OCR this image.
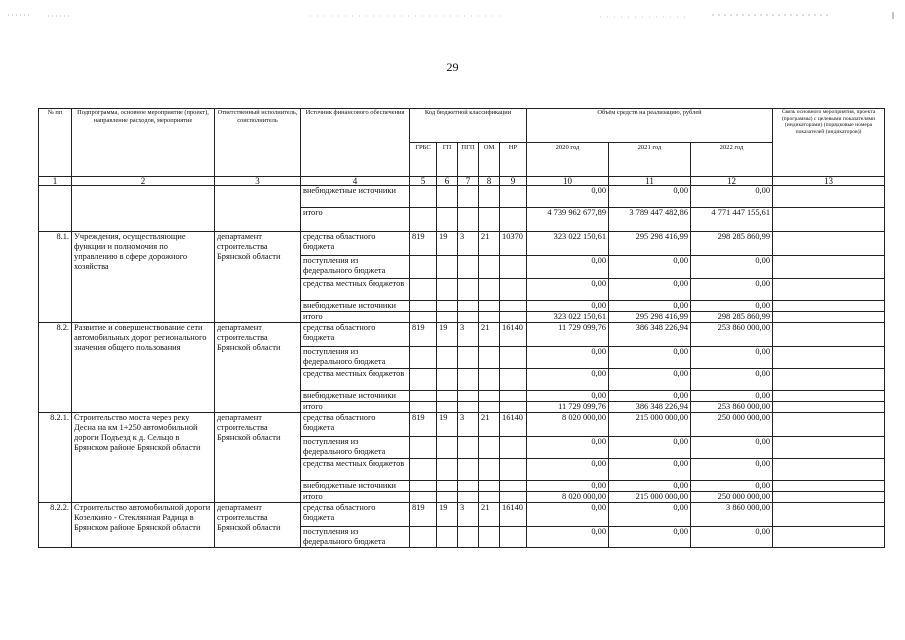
29
№ пп	Подпрограмма, основное мероприятие (проект), направление расходов, мероприятие	Ответственный исполнитель, соисполнитель	Источник финансового обеспечения	Код бюджетной классификации					Объём средств на реализацию, рублей			Связь основного мероприятия, проекта (программы) с целевыми показателями (индикаторами) (порядковые номера показателей (индикаторов))
				ГРБС	ГП	ПГП	ОМ	НР	2020 год	2021 год	2022 год	
1	2	3	4	5	6	7	8	9	10	11	12	13
			внебюджетные источники						0,00	0,00	0,00	
			итого						4 739 962 677,89	3 789 447 482,86	4 771 447 155,61	
8.1.	Учреждения, осуществляющие функции и полномочия по управлению в сфере дорожного хозяйства	департамент строительства Брянской области	средства областного бюджета	819	19	3	21	10370	323 022 150,61	295 298 416,99	298 285 860,99	
			поступления из федерального бюджета						0,00	0,00	0,00	
			средства местных бюджетов						0,00	0,00	0,00	
			внебюджетные источники						0,00	0,00	0,00	
			итого						323 022 150,61	295 298 416,99	298 285 860,99	
8.2.	Развитие и совершенствование сети автомобильных дорог регионального значения общего пользования	департамент строительства Брянской области	средства областного бюджета	819	19	3	21	16140	11 729 099,76	386 348 226,94	253 860 000,00	
			поступления из федерального бюджета						0,00	0,00	0,00	
			средства местных бюджетов						0,00	0,00	0,00	
			внебюджетные источники						0,00	0,00	0,00	
			итого						11 729 099,76	386 348 226,94	253 860 000,00	
8.2.1.	Строительство моста через реку Десна на км 1+250 автомобильной дороги Подъезд к д. Сельцо в Брянском районе Брянской области	департамент строительства Брянской области	средства областного бюджета	819	19	3	21	16140	8 020 000,00	215 000 000,00	250 000 000,00	
			поступления из федерального бюджета						0,00	0,00	0,00	
			средства местных бюджетов						0,00	0,00	0,00	
			внебюджетные источники						0,00	0,00	0,00	
			итого						8 020 000,00	215 000 000,00	250 000 000,00	
8.2.2.	Строительство автомобильной дороги Козелкино - Стеклянная Радица в Брянском районе Брянской области	департамент строительства Брянской области	средства областного бюджета	819	19	3	21	16140	0,00	0,00	3 860 000,00	
			поступления из федерального бюджета						0,00	0,00	0,00	
